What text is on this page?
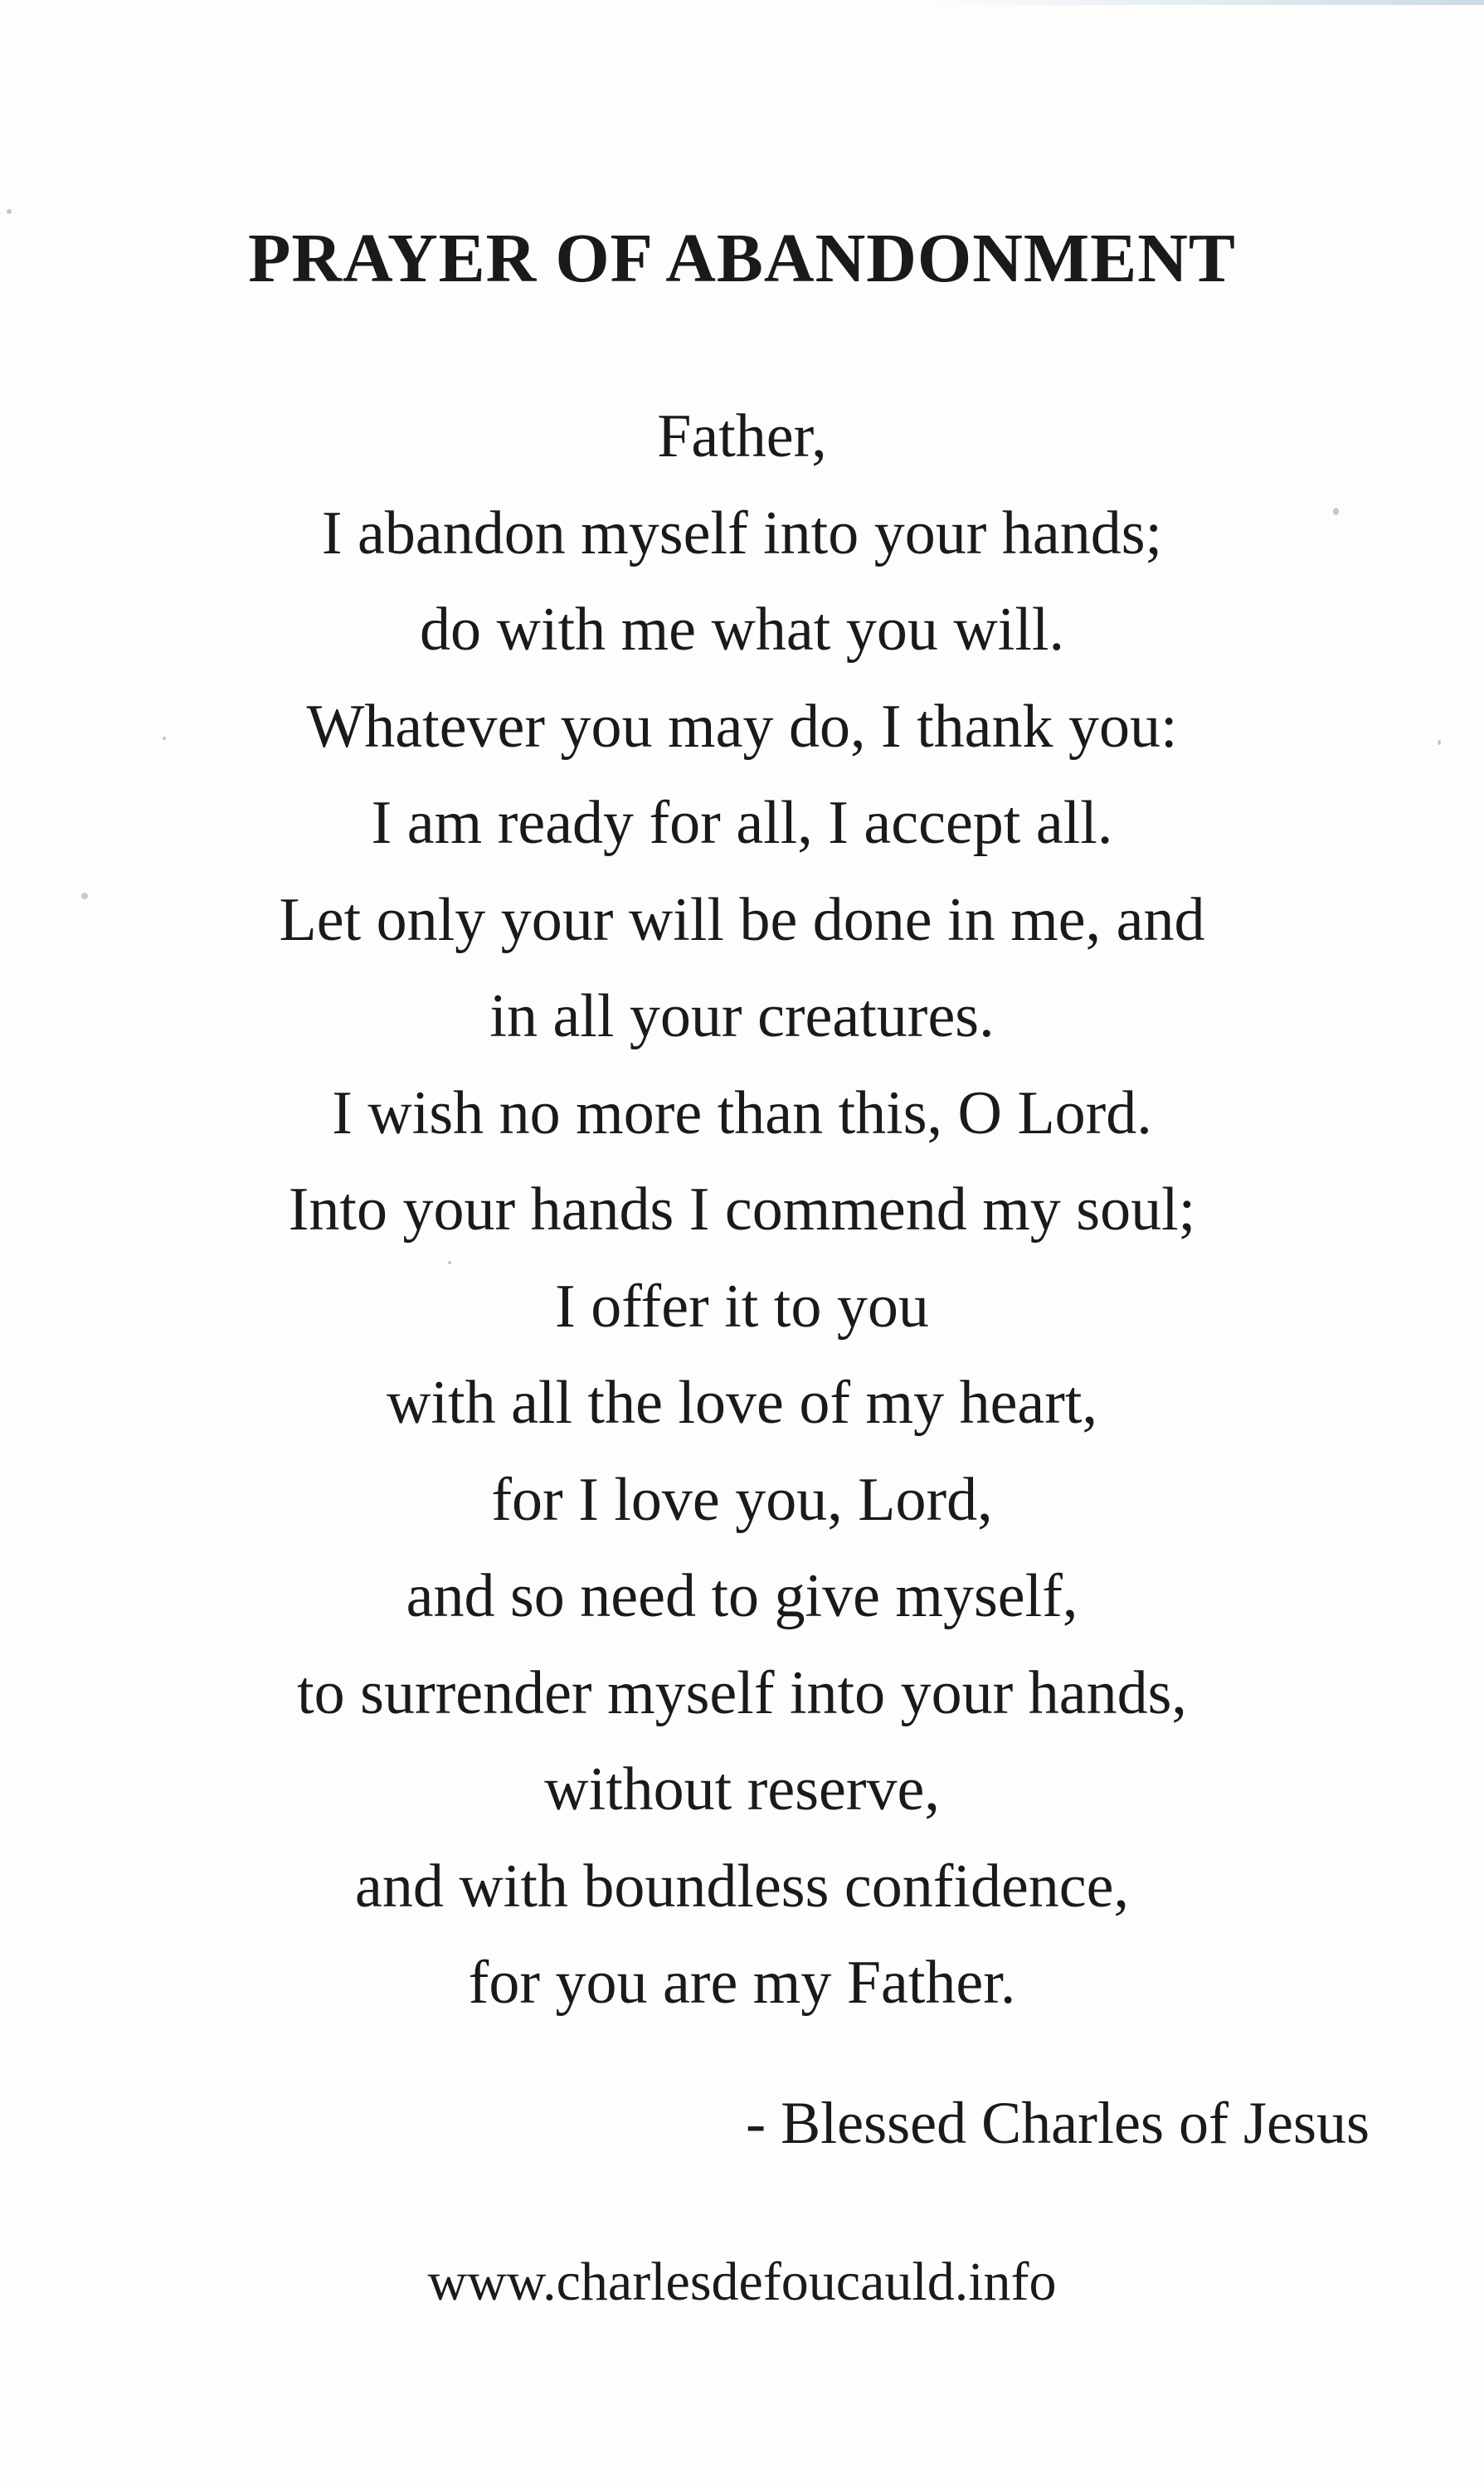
PRAYER OF ABANDONMENT
Father,
I abandon myself into your hands;
do with me what you will.
Whatever you may do, I thank you:
I am ready for all, I accept all.
Let only your will be done in me, and
in all your creatures.
I wish no more than this, O Lord.
Into your hands I commend my soul;
I offer it to you
with all the love of my heart,
for I love you, Lord,
and so need to give myself,
to surrender myself into your hands,
without reserve,
and with boundless confidence,
for you are my Father.
- Blessed Charles of Jesus
www.charlesdefoucauld.info
